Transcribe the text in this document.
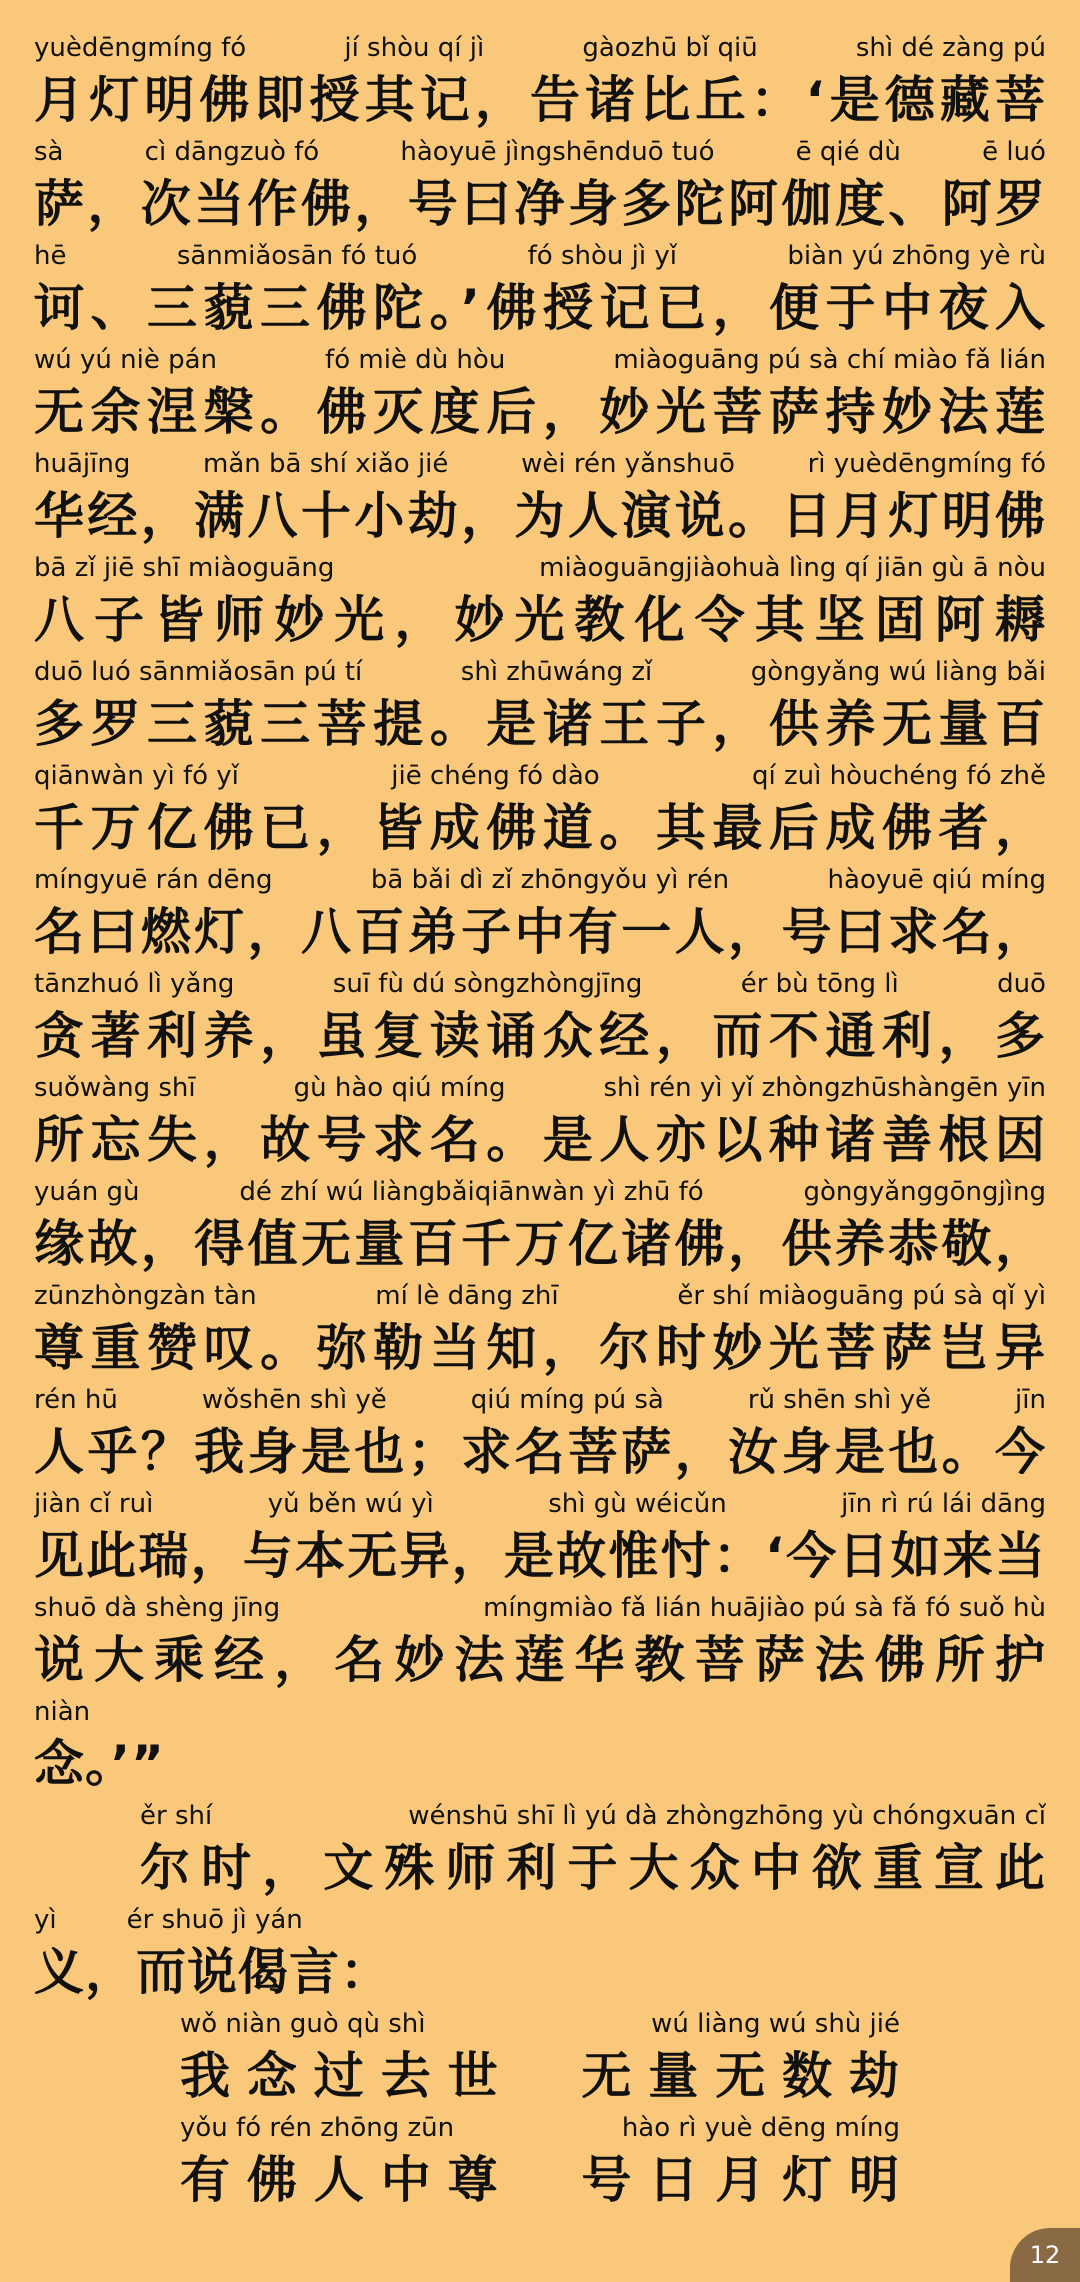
yuèdēngmíng fó	jí shòu qí jì	gàozhū bǐ qiū	shì dé zàng pú
月灯明佛即授其记，告诸比丘：‘是德藏菩
sà	cì dāngzuò fó	hàoyuē jìngshēnduō tuó	ē qié dù	ē luó
萨，次当作佛，号曰净身多陀阿伽度、阿罗
hē	sānmiǎosān fó tuó	fó shòu jì yǐ	biàn yú zhōng yè rù
诃、三藐三佛陀。’佛授记已，便于中夜入
wú yú niè pán	fó miè dù hòu	miàoguāng pú sà chí miào fǎ lián
无余涅槃。佛灭度后，妙光菩萨持妙法莲
huājīng	mǎn bā shí xiǎo jié	wèi rén yǎnshuō	rì yuèdēngmíng fó
华经，满八十小劫，为人演说。日月灯明佛
bā zǐ jiē shī miàoguāng	miàoguāngjiàohuà lìng qí jiān gù ā nòu
八子皆师妙光，妙光教化令其坚固阿耨
duō luó sānmiǎosān pú tí	shì zhūwáng zǐ	gòngyǎng wú liàng bǎi
多罗三藐三菩提。是诸王子，供养无量百
qiānwàn yì fó yǐ	jiē chéng fó dào	qí zuì hòuchéng fó zhě
千万亿佛已，皆成佛道。其最后成佛者，
míngyuē rán dēng	bā bǎi dì zǐ zhōngyǒu yì rén	hàoyuē qiú míng
名曰燃灯，八百弟子中有一人，号曰求名，
tānzhuó lì yǎng	suī fù dú sòngzhòngjīng	ér bù tōng lì	duō
贪著利养，虽复读诵众经，而不通利，多
suǒwàng shī	gù hào qiú míng	shì rén yì yǐ zhòngzhūshàngēn yīn
所忘失，故号求名。是人亦以种诸善根因
yuán gù	dé zhí wú liàngbǎiqiānwàn yì zhū fó	gòngyǎnggōngjìng
缘故，得值无量百千万亿诸佛，供养恭敬，
zūnzhòngzàn tàn	mí lè dāng zhī	ěr shí miàoguāng pú sà qǐ yì
尊重赞叹。弥勒当知，尔时妙光菩萨岂异
rén hū	wǒshēn shì yě	qiú míng pú sà	rǔ shēn shì yě	jīn
人乎？我身是也；求名菩萨，汝身是也。今
jiàn cǐ ruì	yǔ běn wú yì	shì gù wéicǔn	jīn rì rú lái dāng
见此瑞，与本无异，是故惟忖：‘今日如来当
shuō dà shèng jīng	míngmiào fǎ lián huājiào pú sà fǎ fó suǒ hù
说大乘经，名妙法莲华教菩萨法佛所护
niàn
念。’”
ěr shí	wénshū shī lì yú dà zhòngzhōng yù chóngxuān cǐ
尔时，文殊师利于大众中欲重宣此
yì	ér shuō jì yán
义，而说偈言：
wǒ niàn guò qù shì	wú liàng wú shù jié
我念过去世　无量无数劫
yǒu fó rén zhōng zūn	hào rì yuè dēng míng
有佛人中尊　号日月灯明
12
